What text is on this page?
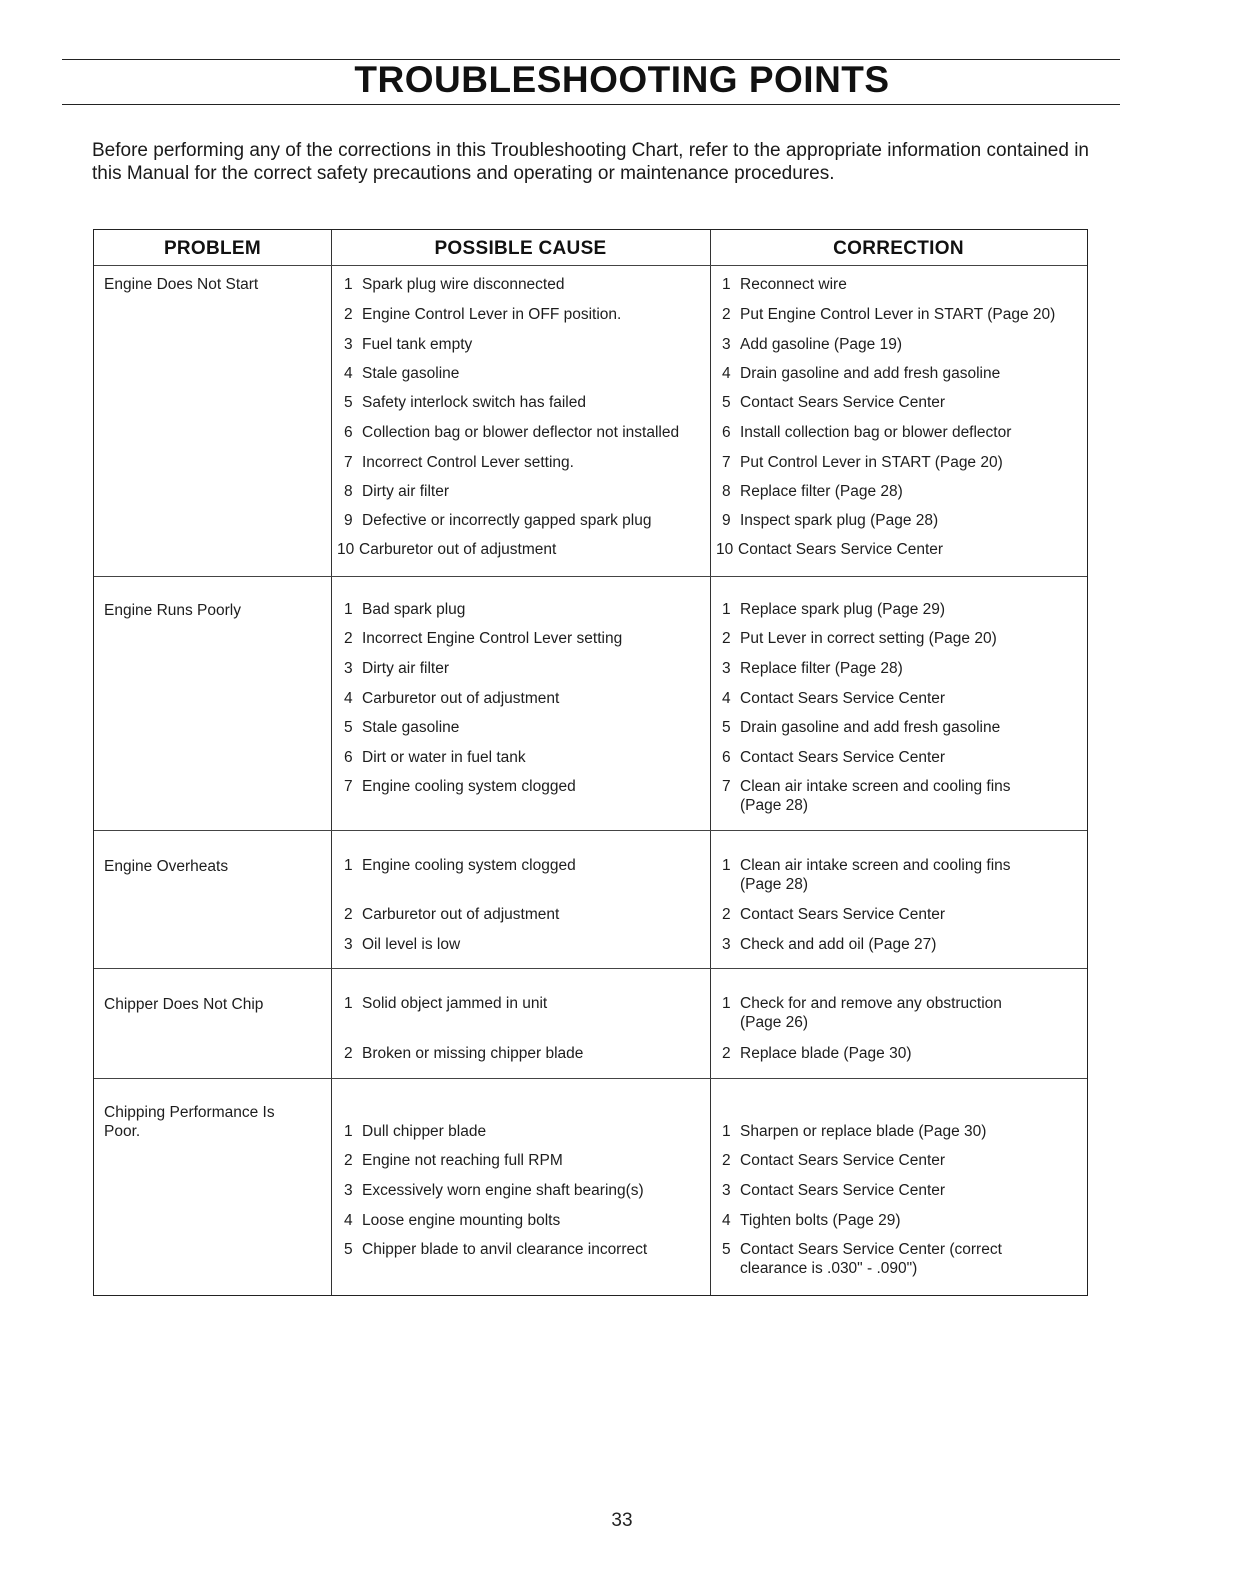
TROUBLESHOOTING POINTS

Before performing any of the corrections in this Troubleshooting Chart, refer to the appropriate information contained in this Manual for the correct safety precautions and operating or maintenance procedures.

PROBLEM	POSSIBLE CAUSE	CORRECTION
Engine Does Not Start	1 Spark plug wire disconnected	1 Reconnect wire
2 Engine Control Lever in OFF position.	2 Put Engine Control Lever in START (Page 20)
3 Fuel tank empty	3 Add gasoline (Page 19)
4 Stale gasoline	4 Drain gasoline and add fresh gasoline
5 Safety interlock switch has failed	5 Contact Sears Service Center
6 Collection bag or blower deflector not installed	6 Install collection bag or blower deflector
7 Incorrect Control Lever setting.	7 Put Control Lever in START (Page 20)
8 Dirty air filter	8 Replace filter (Page 28)
9 Defective or incorrectly gapped spark plug	9 Inspect spark plug (Page 28)
10 Carburetor out of adjustment	10 Contact Sears Service Center
Engine Runs Poorly	1 Bad spark plug	1 Replace spark plug (Page 29)
2 Incorrect Engine Control Lever setting	2 Put Lever in correct setting (Page 20)
3 Dirty air filter	3 Replace filter (Page 28)
4 Carburetor out of adjustment	4 Contact Sears Service Center
5 Stale gasoline	5 Drain gasoline and add fresh gasoline
6 Dirt or water in fuel tank	6 Contact Sears Service Center
7 Engine cooling system clogged	7 Clean air intake screen and cooling fins (Page 28)
Engine Overheats	1 Engine cooling system clogged	1 Clean air intake screen and cooling fins (Page 28)
2 Carburetor out of adjustment	2 Contact Sears Service Center
3 Oil level is low	3 Check and add oil (Page 27)
Chipper Does Not Chip	1 Solid object jammed in unit	1 Check for and remove any obstruction (Page 26)
2 Broken or missing chipper blade	2 Replace blade (Page 30)
Chipping Performance Is Poor.	1 Dull chipper blade	1 Sharpen or replace blade (Page 30)
2 Engine not reaching full RPM	2 Contact Sears Service Center
3 Excessively worn engine shaft bearing(s)	3 Contact Sears Service Center
4 Loose engine mounting bolts	4 Tighten bolts (Page 29)
5 Chipper blade to anvil clearance incorrect	5 Contact Sears Service Center (correct clearance is .030" - .090")
33
